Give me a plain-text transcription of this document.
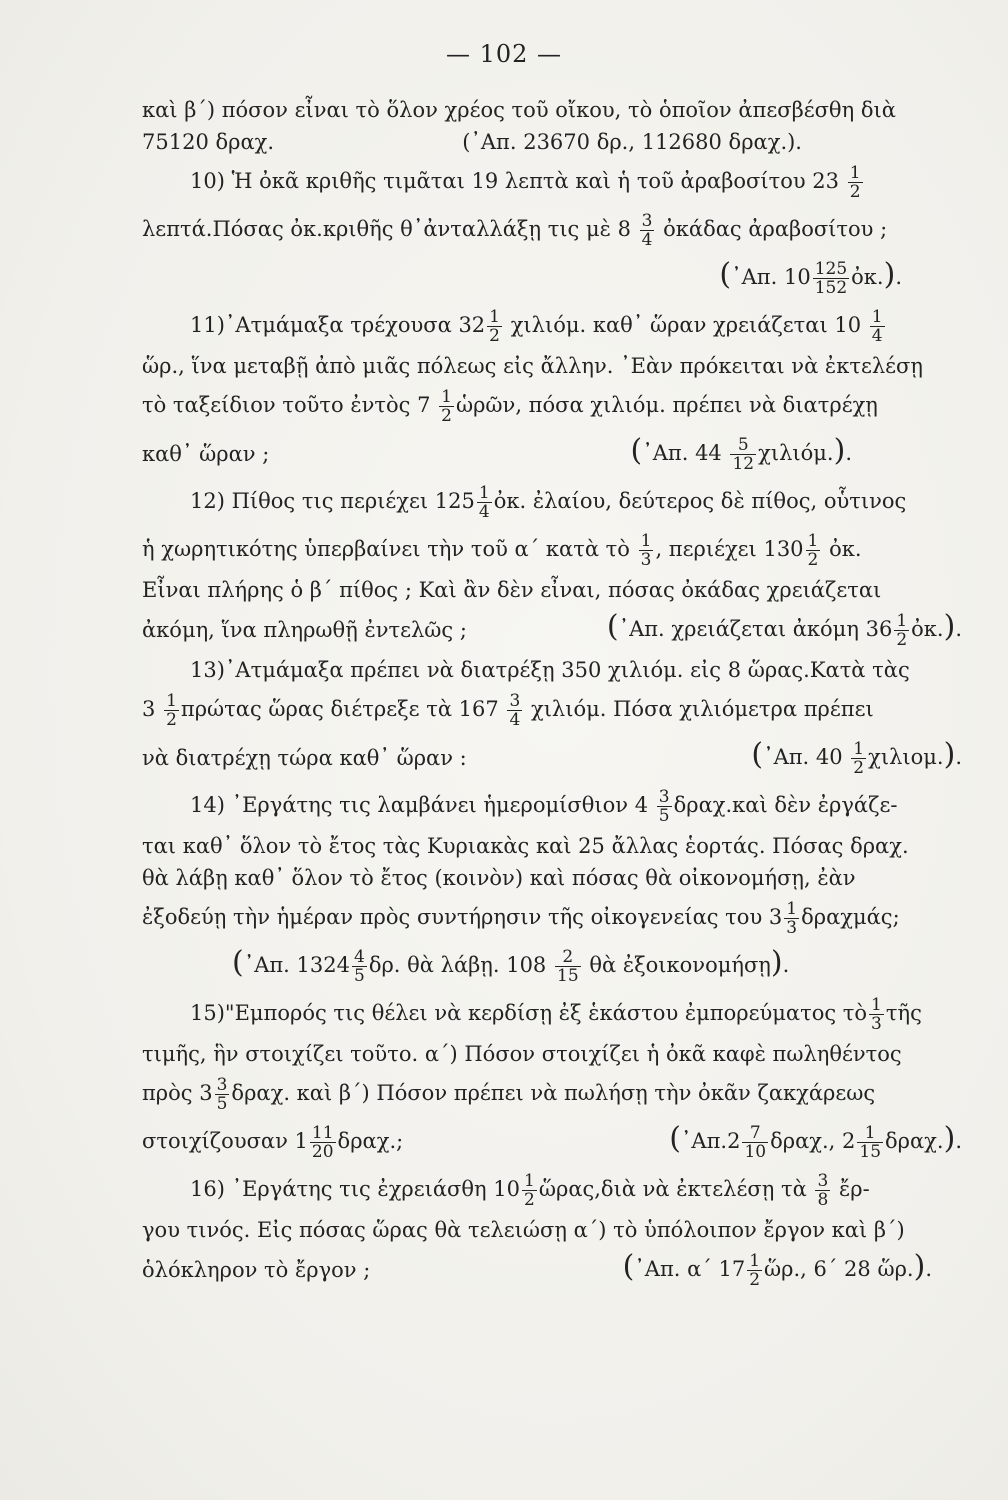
— 102 —
καὶ β΄) πόσον εἶναι τὸ ὅλον χρέος τοῦ οἴκου, τὸ ὁποῖον ἀπεσβέσθη διὰ
75120 δραχ.	(᾿Απ. 23670 δρ., 112680 δραχ.).
10) Ἡ ὀκᾶ κριθῆς τιμᾶται 19 λεπτὰ καὶ ἡ τοῦ ἀραβοσίτου $23 \frac{1}{2}$
λεπτά.Πόσας ὀκ.κριθῆς θ᾿ἀνταλλάξῃ τις μὲ $8 \frac{3}{4}$ ὀκάδας ἀραβοσίτου ;
(᾿Απ. $10 \frac{125}{152}$ ὀκ.).
11)᾿Ατμάμαξα τρέχουσα $32 \frac{1}{2} \chi\iota\lambda\iota ό\mu$. καθ᾿ ὥραν χρειάζεται $10 \frac{1}{4}$
ὥρ., ἵνα μεταβῇ ἀπὸ μιᾶς πόλεως εἰς ἄλλην. ᾿Εὰν πρόκειται νὰ ἐκτελέσῃ
τὸ ταξείδιον τοῦτο ἐντὸς $7 \frac{1}{2}$ ὡρῶν, πόσα χιλιόμ. πρέπει νὰ διατρέχῃ
καθ᾿ ὥραν ;	(᾿Απ. $44 \frac{5}{12} \chi\iota\lambda\iota ό\mu$.).
12) Πίθος τις περιέχει $125 \frac{1}{4}$ ὀκ. ἐλαίου, δεύτερος δὲ πίθος, οὗτινος
ἡ χωρητικότης ὑπερβαίνει τὴν τοῦ α΄ κατὰ τὸ $\frac{1}{3}$ , περιέχει $130 \frac{1}{2}$ ὀκ.
Εἶναι πλήρης ὁ β΄ πίθος ; Καὶ ἂν δὲν εἶναι, πόσας ὀκάδας χρειάζεται
ἀκόμη, ἵνα πληρωθῇ ἐντελῶς ;	(᾿Απ. χρειάζεται ἀκόμη $36 \frac{1}{2}$ ὀκ.).
13)᾿Ατμάμαξα πρέπει νὰ διατρέξῃ 350 χιλιόμ. εἰς 8 ὥρας.Κατὰ τὰς
$3 \frac{1}{2}$ πρώτας ὥρας διέτρεξε τὰ $167 \frac{3}{4} \chi\iota\lambda\iota ό\mu$. Πόσα χιλιόμετρα πρέπει
νὰ διατρέχῃ τώρα καθ᾿ ὥραν :	(᾿Απ. $40 \frac{1}{2} \chi\iota\lambda\iota o\mu$.).
14) ᾿Εργάτης τις λαμβάνει ἡμερομίσθιον $4 \frac{3}{5}$ δραχ.καὶ δὲν ἐργάζε-
ται καθ᾿ ὅλον τὸ ἔτος τὰς Κυριακὰς καὶ 25 ἄλλας ἑορτάς. Πόσας δραχ.
θὰ λάβῃ καθ᾿ ὅλον τὸ ἔτος (κοινὸν) καὶ πόσας θὰ οἰκονομήσῃ, ἐὰν
ἐξοδεύῃ τὴν ἡμέραν πρὸς συντήρησιν τῆς οἰκογενείας του $3 \frac{1}{3} \delta\rho\alpha\chi\mu ά\varsigma$;
(᾿Απ. $1324 \frac{4}{5} \delta\rho$. θὰ λάβῃ. $108 \frac{2}{15}$ θὰ ἐξοικονομήσῃ).
15)"Εμπορός τις θέλει νὰ κερδίσῃ ἐξ ἑκάστου ἐμπορεύματος τὸ $\frac{1}{3}$ τῆς
τιμῆς, ἣν στοιχίζει τοῦτο. α΄) Πόσον στοιχίζει ἡ ὀκᾶ καφὲ πωληθέντος
πρὸς $3 \frac{3}{5} \delta\rho\alpha\chi$. καὶ β΄) Πόσον πρέπει νὰ πωλήσῃ τὴν ὀκᾶν ζακχάρεως
στοιχίζουσαν $1 \frac{11}{20} \delta\rho\alpha\chi$.;	(᾿Απ.2 $\frac{7}{10} \delta\rho\alpha\chi$., $2 \frac{1}{15} \delta\rho\alpha\chi$.).
16) ᾿Εργάτης τις ἐχρειάσθη $10 \frac{1}{2}$ ὥρας,διὰ νὰ ἐκτελέσῃ τὰ $\frac{3}{8}$ ἔρ-
γου τινός. Εἰς πόσας ὥρας θὰ τελειώσῃ α΄) τὸ ὑπόλοιπον ἔργον καὶ β΄)
ὁλόκληρον τὸ ἔργον ;	(᾿Απ. α΄ $17 \frac{1}{2}$ ὥρ., 6΄ 28 ὥρ.).
